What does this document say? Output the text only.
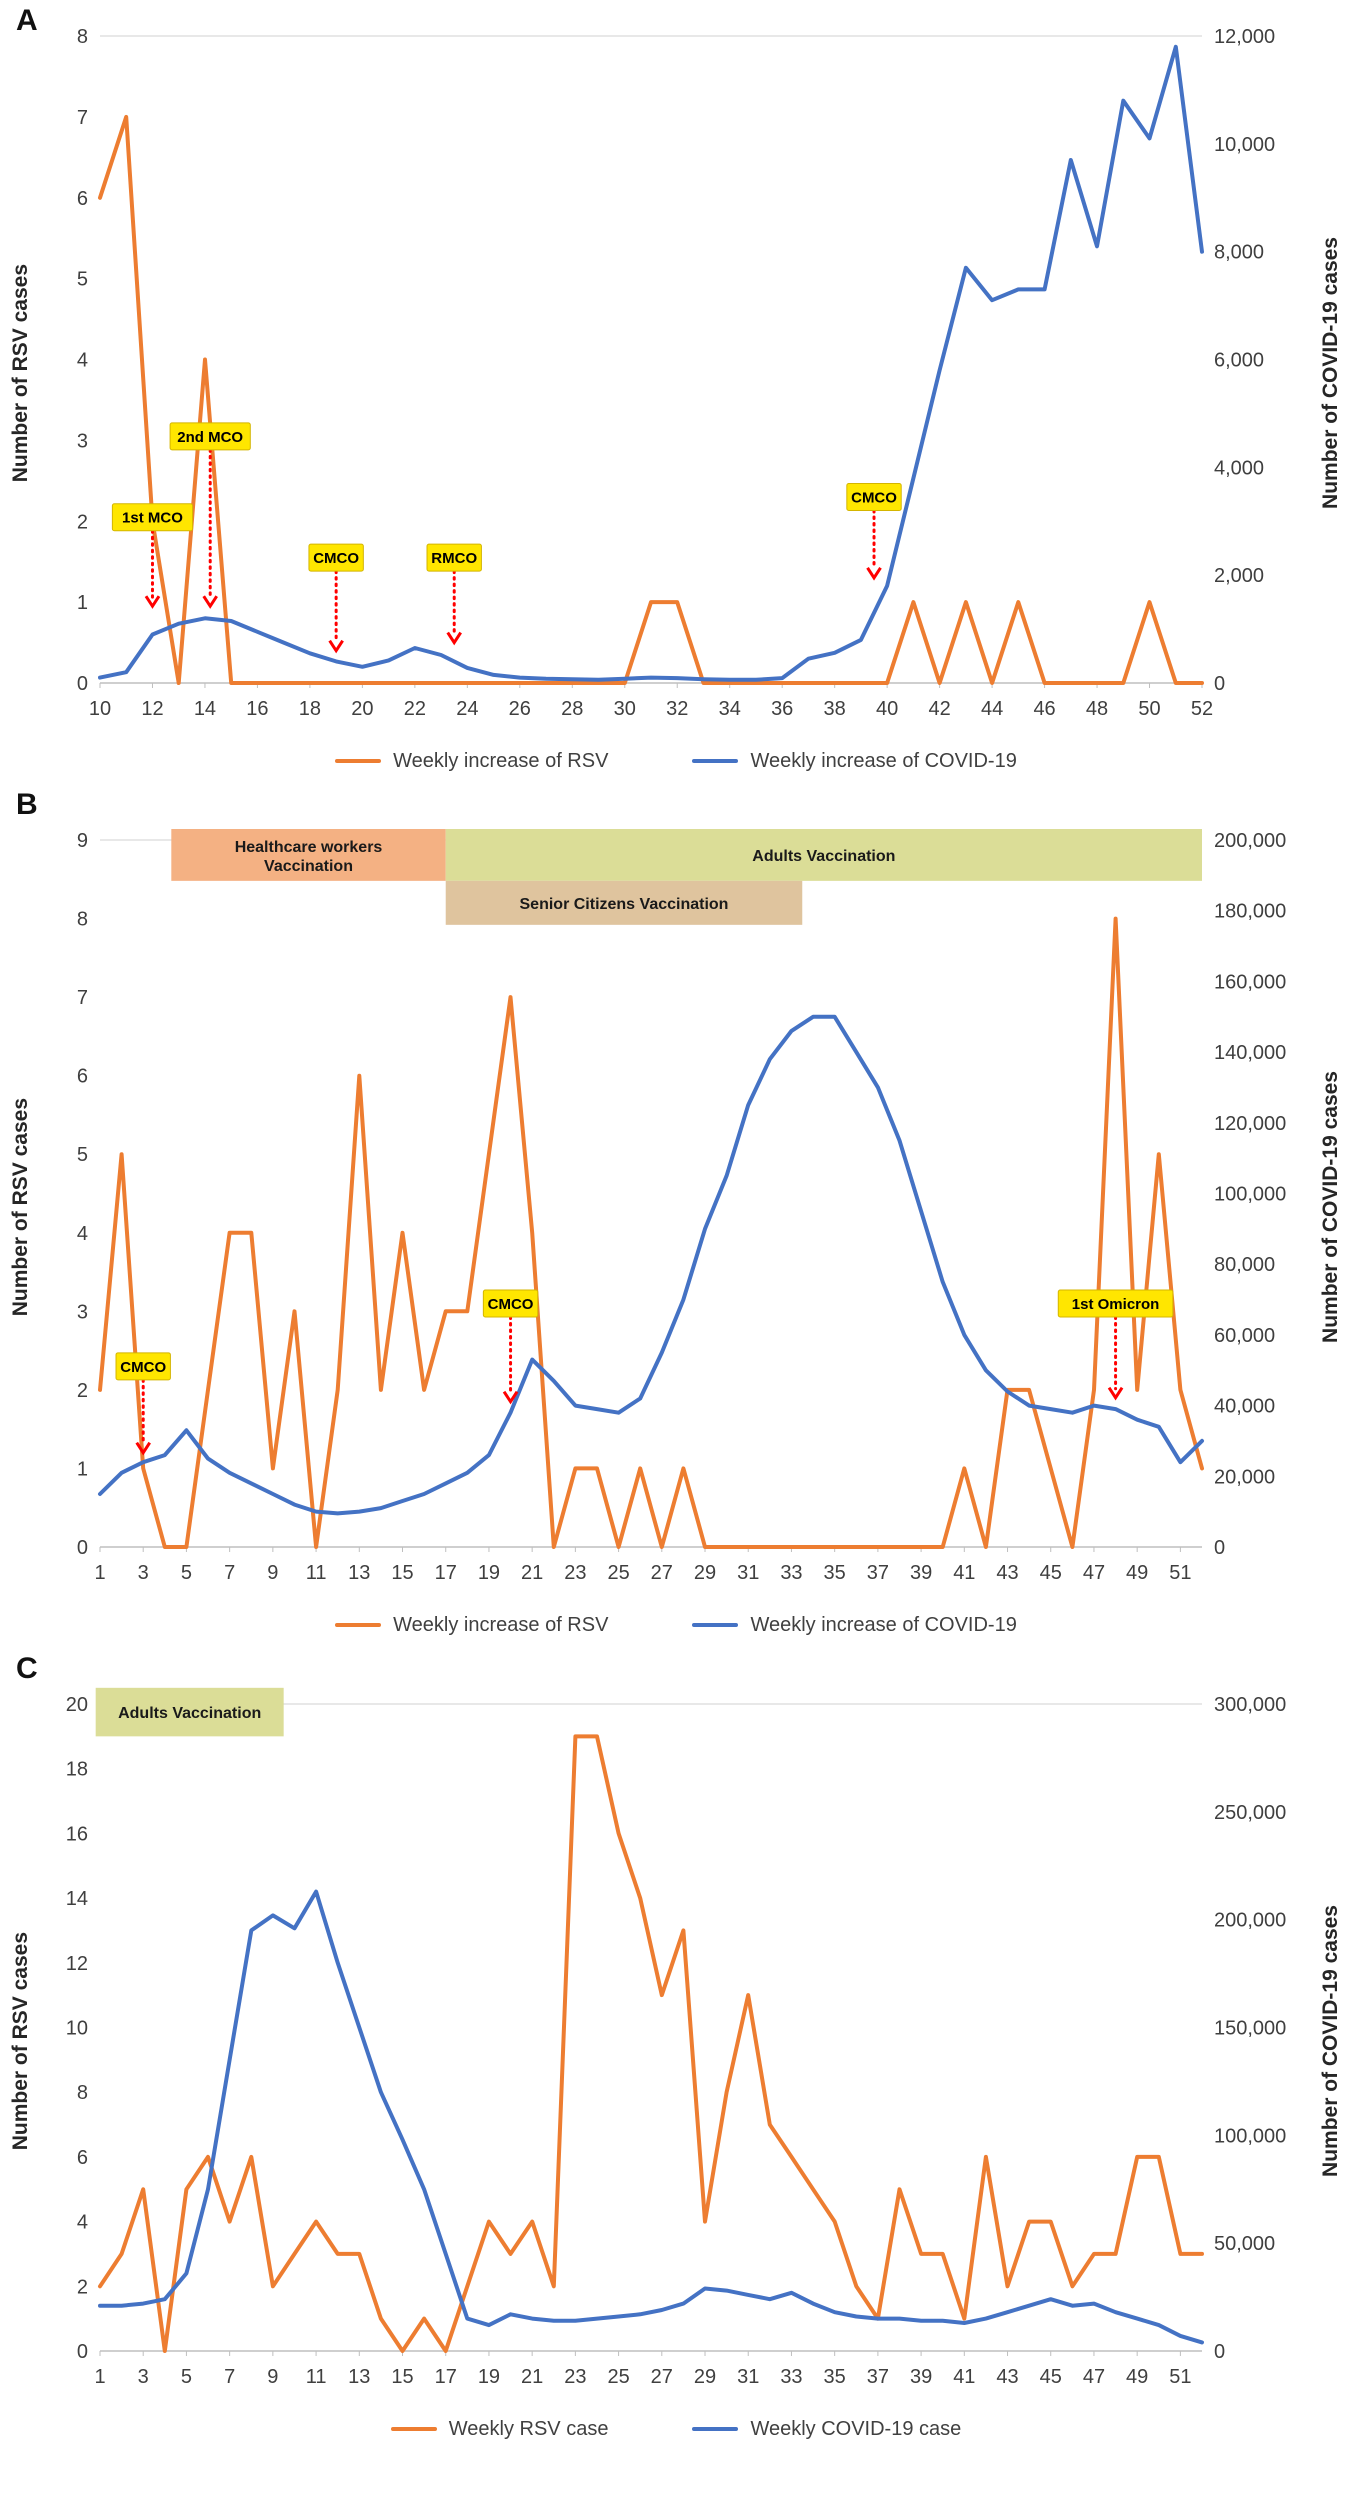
A
Number of RSV cases
0
1
2
3
4
5
6
7
8
0
2,000
4,000
6,000
8,000
10,000
12,000
10 12 14 16 18 20 22 24 26 28 30 32 34 36 38 40 42 44 46 48 50 52
1st MCO
2nd MCO
CMCO	RMCO
CMCO	Number of COVID-19 cases
Weekly increase of RSV	Weekly increase of COVID-19
B
Number of RSV cases
0
1
2
3
4
5
6
7
8
9
0
20,000
40,000
60,000
80,000
100,000
120,000
140,000
160,000
180,000
200,000
1 3 5 7 9 11 13 15 17 19 21 23 25 27 29 31 33 35 37 39 41 43 45 47 49 51
Healthcare workers
Vaccination
Adults Vaccination
Senior Citizens Vaccination
CMCO
CMCO	1st Omicron	Number of COVID-19 cases
Weekly increase of RSV	Weekly increase of COVID-19
C
Number of RSV cases
0
2
4
6
8
10
12
14
16
18
20
0
50,000
100,000
150,000
200,000
250,000
300,000
1 3 5 7 9 11 13 15 17 19 21 23 25 27 29 31 33 35 37 39 41 43 45 47 49 51
Adults Vaccination
Number of COVID-19 cases
Weekly RSV case	Weekly COVID-19 case
